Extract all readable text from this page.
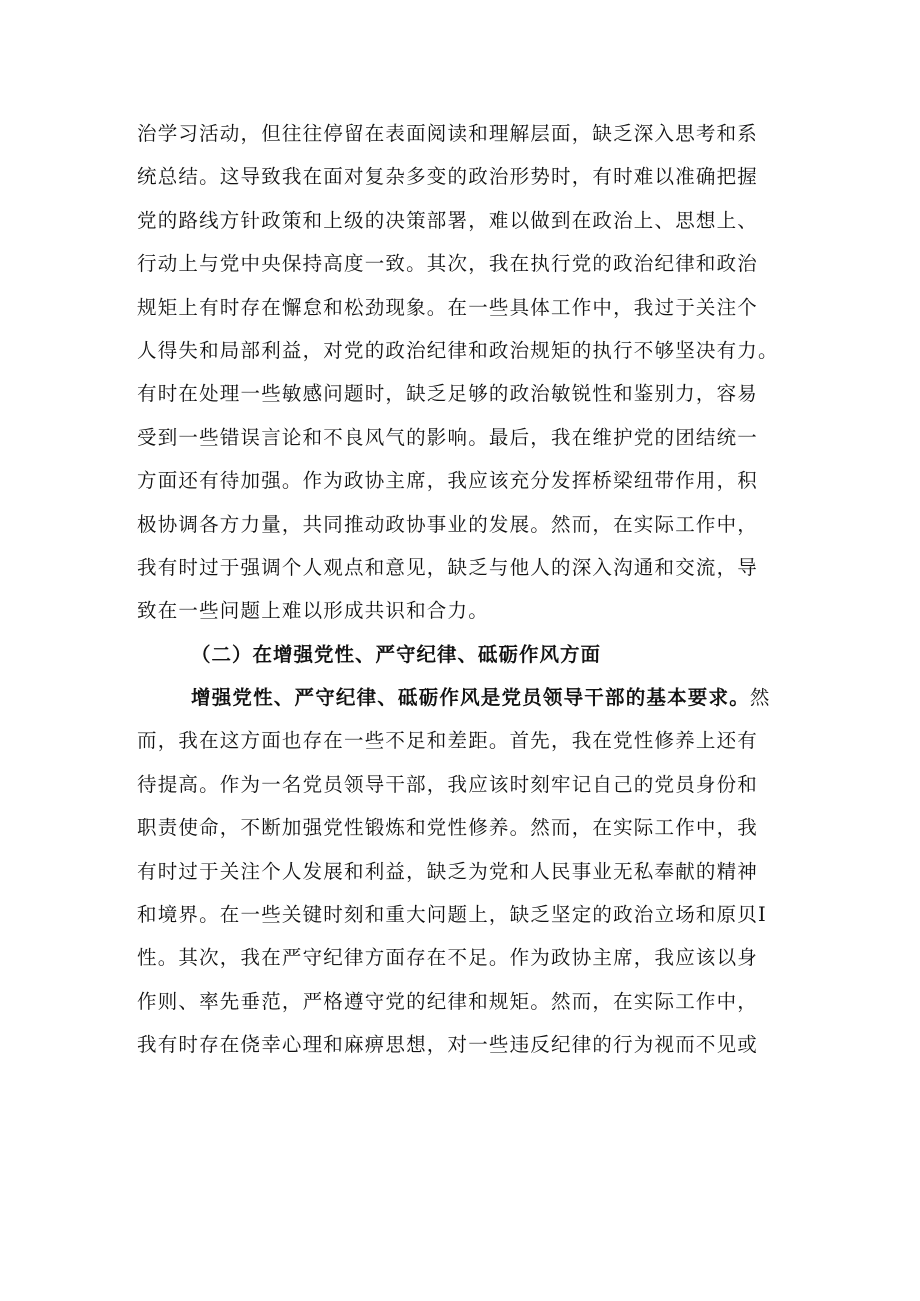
治学习活动，但往往停留在表面阅读和理解层面，缺乏深入思考和系
统总结。这导致我在面对复杂多变的政治形势时，有时难以准确把握
党的路线方针政策和上级的决策部署，难以做到在政治上、思想上、
行动上与党中央保持高度一致。其次，我在执行党的政治纪律和政治
规矩上有时存在懈怠和松劲现象。在一些具体工作中，我过于关注个
人得失和局部利益，对党的政治纪律和政治规矩的执行不够坚决有力。
有时在处理一些敏感问题时，缺乏足够的政治敏锐性和鉴别力，容易
受到一些错误言论和不良风气的影响。最后，我在维护党的团结统一
方面还有待加强。作为政协主席，我应该充分发挥桥梁纽带作用，积
极协调各方力量，共同推动政协事业的发展。然而，在实际工作中，
我有时过于强调个人观点和意见，缺乏与他人的深入沟通和交流，导
致在一些问题上难以形成共识和合力。
（二）在增强党性、严守纪律、砥砺作风方面
增强党性、严守纪律、砥砺作风是党员领导干部的基本要求。然
而，我在这方面也存在一些不足和差距。首先，我在党性修养上还有
待提高。作为一名党员领导干部，我应该时刻牢记自己的党员身份和
职责使命，不断加强党性锻炼和党性修养。然而，在实际工作中，我
有时过于关注个人发展和利益，缺乏为党和人民事业无私奉献的精神
和境界。在一些关键时刻和重大问题上，缺乏坚定的政治立场和原贝I
性。其次，我在严守纪律方面存在不足。作为政协主席，我应该以身
作则、率先垂范，严格遵守党的纪律和规矩。然而，在实际工作中，
我有时存在侥幸心理和麻痹思想，对一些违反纪律的行为视而不见或
